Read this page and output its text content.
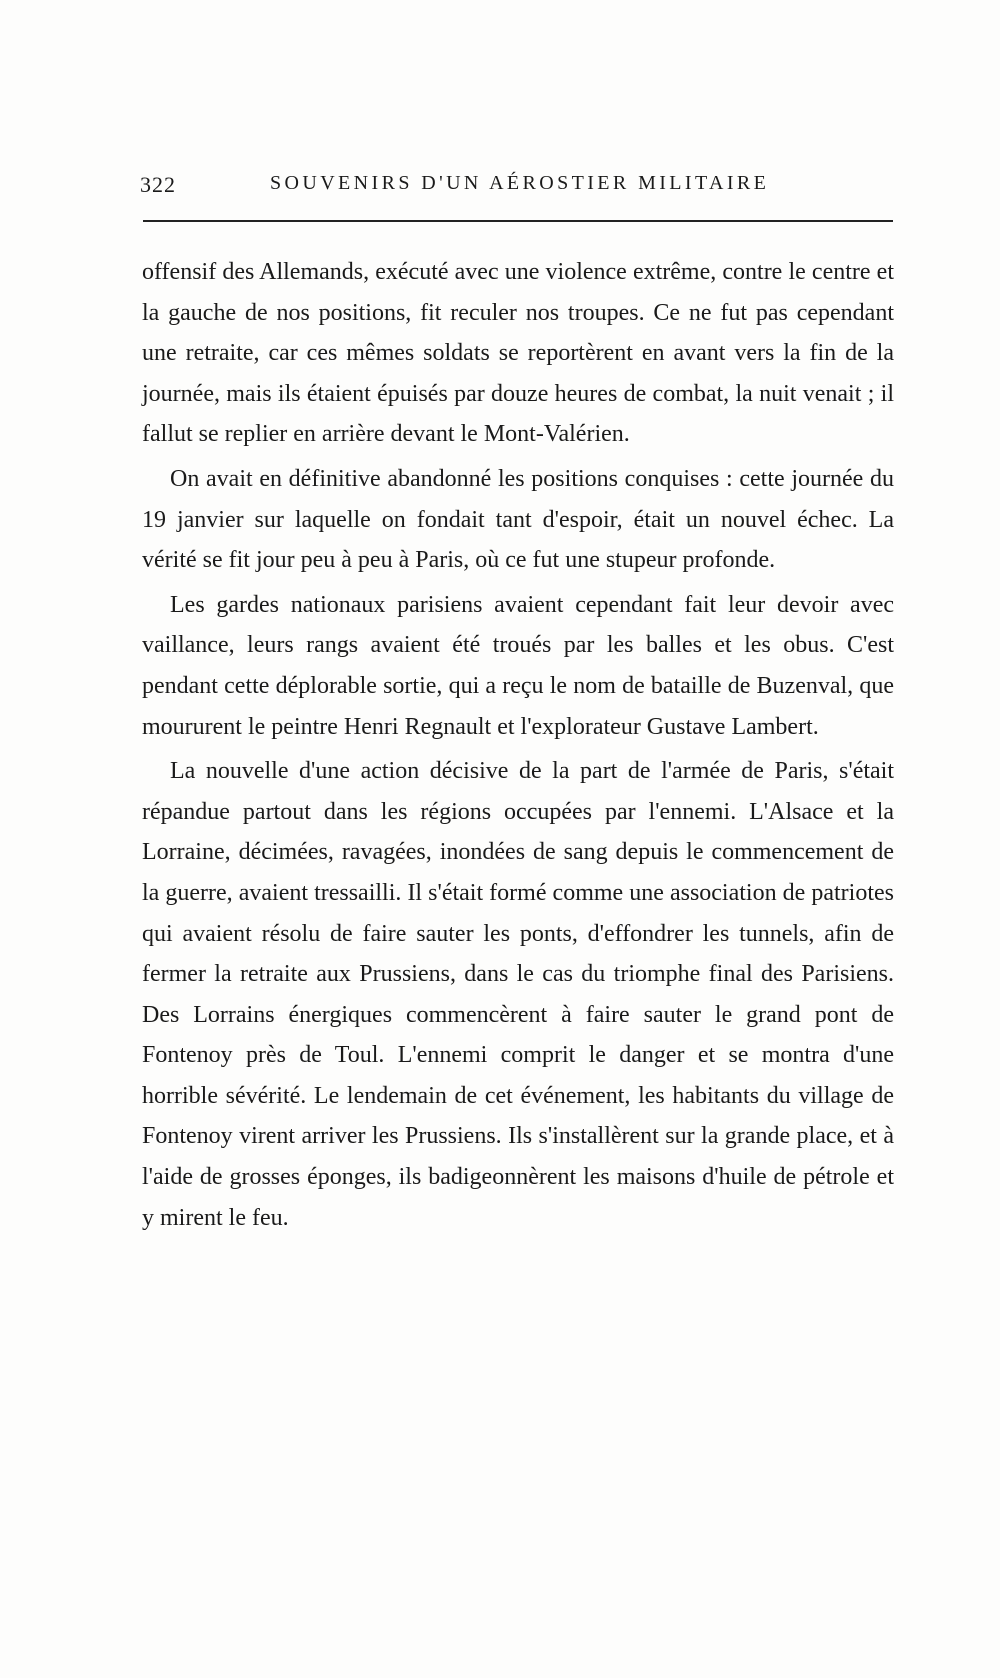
322	SOUVENIRS D'UN AÉROSTIER MILITAIRE

offensif des Allemands, exécuté avec une violence extrême, contre le centre et la gauche de nos positions, fit reculer nos troupes. Ce ne fut pas cependant une retraite, car ces mêmes soldats se reportèrent en avant vers la fin de la journée, mais ils étaient épuisés par douze heures de combat, la nuit venait ; il fallut se replier en arrière devant le Mont-Valérien.

On avait en définitive abandonné les positions conquises : cette journée du 19 janvier sur laquelle on fondait tant d'espoir, était un nouvel échec. La vérité se fit jour peu à peu à Paris, où ce fut une stupeur profonde.

Les gardes nationaux parisiens avaient cependant fait leur devoir avec vaillance, leurs rangs avaient été troués par les balles et les obus. C'est pendant cette déplorable sortie, qui a reçu le nom de bataille de Buzenval, que moururent le peintre Henri Regnault et l'explorateur Gustave Lambert.

La nouvelle d'une action décisive de la part de l'armée de Paris, s'était répandue partout dans les régions occupées par l'ennemi. L'Alsace et la Lorraine, décimées, ravagées, inondées de sang depuis le commencement de la guerre, avaient tressailli. Il s'était formé comme une association de patriotes qui avaient résolu de faire sauter les ponts, d'effondrer les tunnels, afin de fermer la retraite aux Prussiens, dans le cas du triomphe final des Parisiens. Des Lorrains énergiques commencèrent à faire sauter le grand pont de Fontenoy près de Toul. L'ennemi comprit le danger et se montra d'une horrible sévérité. Le lendemain de cet événement, les habitants du village de Fontenoy virent arriver les Prussiens. Ils s'installèrent sur la grande place, et à l'aide de grosses éponges, ils badigeonnèrent les maisons d'huile de pétrole et y mirent le feu.
